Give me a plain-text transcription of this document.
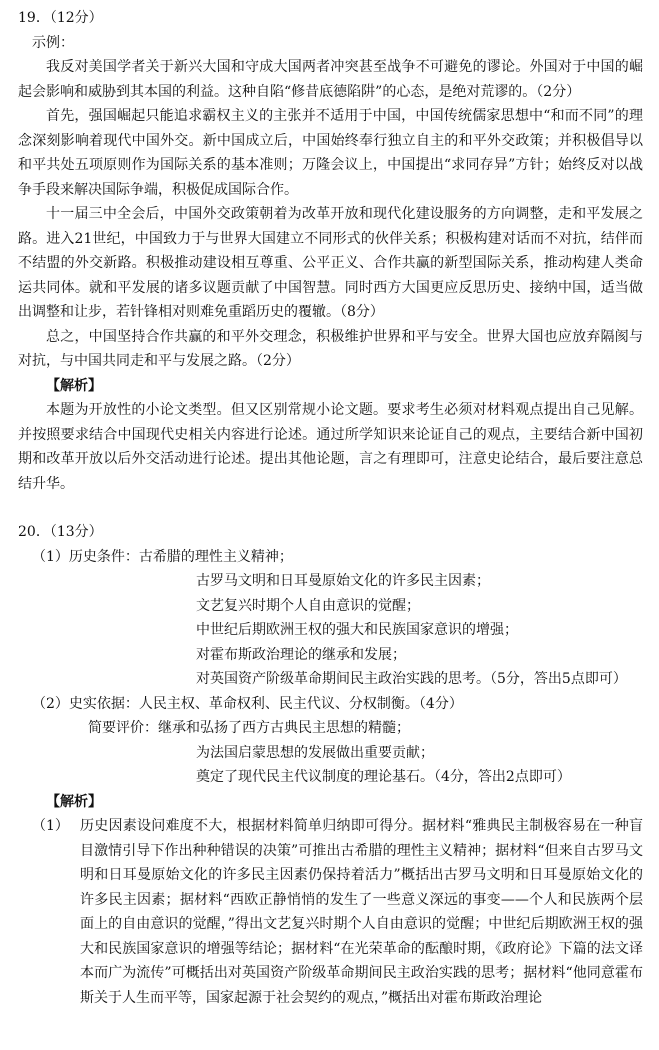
19．（12分）

示例：

我反对美国学者关于新兴大国和守成大国两者冲突甚至战争不可避免的谬论。外国对于中国的崛起会影响和威胁到其本国的利益。这种自陷“修昔底德陷阱”的心态，是绝对荒谬的。（2分）

首先，强国崛起只能追求霸权主义的主张并不适用于中国，中国传统儒家思想中“和而不同”的理念深刻影响着现代中国外交。新中国成立后，中国始终奉行独立自主的和平外交政策；并积极倡导以和平共处五项原则作为国际关系的基本准则；万隆会议上，中国提出“求同存异”方针；始终反对以战争手段来解决国际争端，积极促成国际合作。

十一届三中全会后，中国外交政策朝着为改革开放和现代化建设服务的方向调整，走和平发展之路。进入21世纪，中国致力于与世界大国建立不同形式的伙伴关系；积极构建对话而不对抗，结伴而不结盟的外交新路。积极推动建设相互尊重、公平正义、合作共赢的新型国际关系，推动构建人类命运共同体。就和平发展的诸多议题贡献了中国智慧。同时西方大国更应反思历史、接纳中国，适当做出调整和让步，若针锋相对则难免重蹈历史的覆辙。（8分）

总之，中国坚持合作共赢的和平外交理念，积极维护世界和平与安全。世界大国也应放弃隔阂与对抗，与中国共同走和平与发展之路。（2分）

【解析】

本题为开放性的小论文类型。但又区别常规小论文题。要求考生必须对材料观点提出自己见解。并按照要求结合中国现代史相关内容进行论述。通过所学知识来论证自己的观点，主要结合新中国初期和改革开放以后外交活动进行论述。提出其他论题，言之有理即可，注意史论结合，最后要注意总结升华。

20．（13分）

（1）历史条件： 古希腊的理性主义精神；

古罗马文明和日耳曼原始文化的许多民主因素；

文艺复兴时期个人自由意识的觉醒；

中世纪后期欧洲王权的强大和民族国家意识的增强；

对霍布斯政治理论的继承和发展；

对英国资产阶级革命期间民主政治实践的思考。（5分，答出5点即可）

（2）史实依据： 人民主权、革命权利、民主代议、分权制衡。（4分）
简要评价： 继承和弘扬了西方古典民主思想的精髓；

为法国启蒙思想的发展做出重要贡献；

奠定了现代民主代议制度的理论基石。（4分，答出2点即可）

【解析】

（1） 历史因素设问难度不大，根据材料简单归纳即可得分。据材料“雅典民主制极容易在一种盲目激情引导下作出种种错误的决策”可推出古希腊的理性主义精神；据材料“但来自古罗马文明和日耳曼原始文化的许多民主因素仍保持着活力”概括出古罗马文明和日耳曼原始文化的许多民主因素；据材料“西欧正静悄悄的发生了一些意义深远的事变——个人和民族两个层面上的自由意识的觉醒，”得出文艺复兴时期个人自由意识的觉醒；中世纪后期欧洲王权的强大和民族国家意识的增强等结论；据材料“在光荣革命的酝酿时期，《政府论》下篇的法文译本而广为流传”可概括出对英国资产阶级革命期间民主政治实践的思考；据材料“他同意霍布斯关于人生而平等，国家起源于社会契约的观点，”概括出对霍布斯政治理论
